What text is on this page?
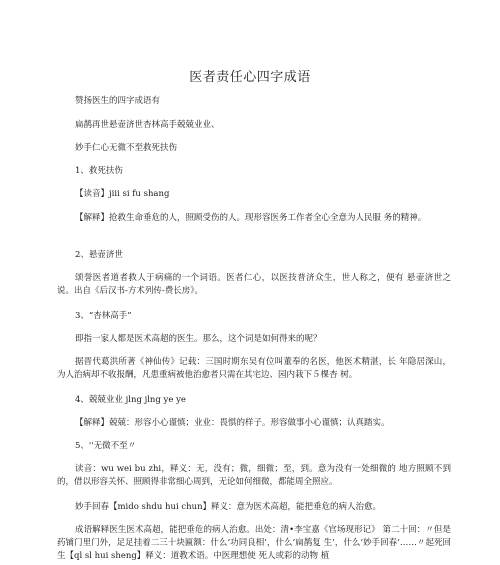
医者责任心四字成语
赞扬医生的四字成语有
扁鹊再世悬壶济世杏林高手兢兢业业、
妙手仁心无微不至救死扶伤
1、救死扶伤
【读音】jiii si fu shang
【解释】抢救生命垂危的人，照顾受伤的人。现形容医务工作者全心全意为人民服 务的精神。
2、悬壶济世
颂誉医者道者救人于病痛的一个词语。医者仁心，以医技普济众生，世人称之，便有 悬壶济世之说。出自《后汉书-方术列传-费长房》。
3、“杏林高手”
即指一家人都是医术高超的医生。那么，这个词是如何得来的呢？
据晋代葛洪所著《神仙传》记载：三国时期东吴有位叫董奉的名医，他医术精湛，长 年隐居深山，为人治病却不收报酬，凡患重病被他治愈者只需在其宅边、园内栽下５棵杏 树。
4、兢兢业业 jlng jlng ye ye
【解释】兢兢：形容小心谨慎；业业：畏惧的样子。形容做事小心谨慎；认真踏实。
5、''无微不至〃
读音：wu wei bu zhi，释义：无，没有；微，细微；至，到。意为没有一处细微的 地方照顾不到的，借以形容关怀、照顾得非常细心周到，无论如何细微，都能周全照应。
妙手回春【mido shdu hui chun】释义：意为医术高超，能把垂危的病人治愈。
成语解释医生医术高超，能把垂危的病人治愈。出处：清•李宝嘉《官场现形记》 第二十回：〃但是药铺门里门外，足足挂着二三十块匾额：什么‘功同良相’，什么‘扁鹊复 生’，什么‘妙手回春’……〃起死回生【ql sl hui sheng】释义：道教术语。中医理想使 死人或彩的动物 植
